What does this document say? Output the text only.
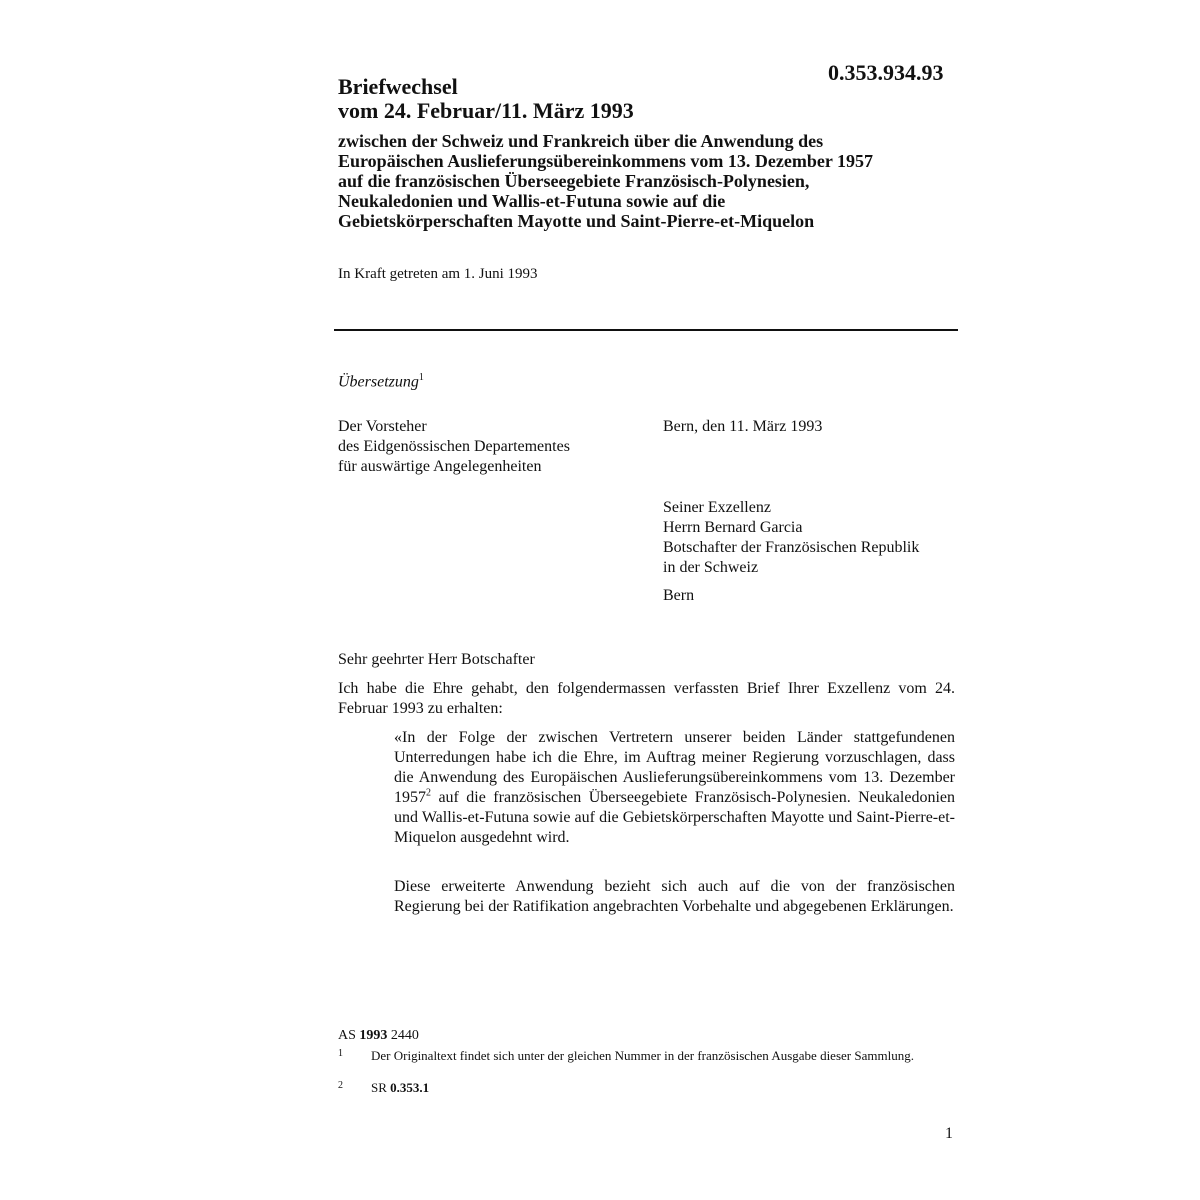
0.353.934.93
Briefwechsel
vom 24. Februar/11. März 1993
zwischen der Schweiz und Frankreich über die Anwendung des
Europäischen Auslieferungsübereinkommens vom 13. Dezember 1957
auf die französischen Überseegebiete Französisch-Polynesien,
Neukaledonien und Wallis-et-Futuna sowie auf die
Gebietskörperschaften Mayotte und Saint-Pierre-et-Miquelon
In Kraft getreten am 1. Juni 1993
Übersetzung$^1$
Der Vorsteher
des Eidgenössischen Departementes
für auswärtige Angelegenheiten
Bern, den 11. März 1993
Seiner Exzellenz
Herrn Bernard Garcia
Botschafter der Französischen Republik
in der Schweiz
Bern
Sehr geehrter Herr Botschafter
Ich habe die Ehre gehabt, den folgendermassen verfassten Brief Ihrer Exzellenz vom 24. Februar 1993 zu erhalten:
«In der Folge der zwischen Vertretern unserer beiden Länder stattgefundenen Unterredungen habe ich die Ehre, im Auftrag meiner Regierung vorzuschlagen, dass die Anwendung des Europäischen Auslieferungsübereinkommens vom 13. Dezember 1957$^2$ auf die französischen Überseegebiete Französisch-Polynesien. Neukaledonien und Wallis-et-Futuna sowie auf die Gebietskörperschaften Mayotte und Saint-Pierre-et-Miquelon ausgedehnt wird.
Diese erweiterte Anwendung bezieht sich auch auf die von der französischen Regierung bei der Ratifikation angebrachten Vorbehalte und abgegebenen Erklärungen.
AS 1993 2440
1 Der Originaltext findet sich unter der gleichen Nummer in der französischen Ausgabe dieser Sammlung.
2 SR 0.353.1
1
